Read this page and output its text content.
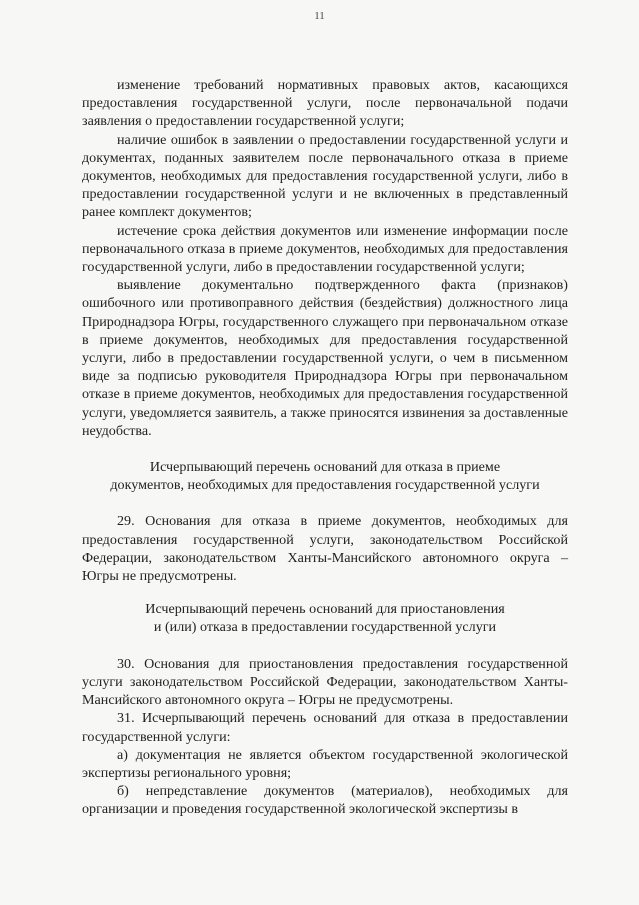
11

изменение требований нормативных правовых актов, касающихся предоставления государственной услуги, после первоначальной подачи заявления о предоставлении государственной услуги;

наличие ошибок в заявлении о предоставлении государственной услуги и документах, поданных заявителем после первоначального отказа в приеме документов, необходимых для предоставления государственной услуги, либо в предоставлении государственной услуги и не включенных в представленный ранее комплект документов;

истечение срока действия документов или изменение информации после первоначального отказа в приеме документов, необходимых для предоставления государственной услуги, либо в предоставлении государственной услуги;

выявление документально подтвержденного факта (признаков) ошибочного или противоправного действия (бездействия) должностного лица Природнадзора Югры, государственного служащего при первоначальном отказе в приеме документов, необходимых для предоставления государственной услуги, либо в предоставлении государственной услуги, о чем в письменном виде за подписью руководителя Природнадзора Югры при первоначальном отказе в приеме документов, необходимых для предоставления государственной услуги, уведомляется заявитель, а также приносятся извинения за доставленные неудобства.

Исчерпывающий перечень оснований для отказа в приеме

документов, необходимых для предоставления государственной услуги

29. Основания для отказа в приеме документов, необходимых для предоставления государственной услуги, законодательством Российской Федерации, законодательством Ханты-Мансийского автономного округа – Югры не предусмотрены.

Исчерпывающий перечень оснований для приостановления

и (или) отказа в предоставлении государственной услуги

30. Основания для приостановления предоставления государственной услуги законодательством Российской Федерации, законодательством Ханты-Мансийского автономного округа – Югры не предусмотрены.

31. Исчерпывающий перечень оснований для отказа в предоставлении государственной услуги:

а) документация не является объектом государственной экологической экспертизы регионального уровня;

б) непредставление документов (материалов), необходимых для организации и проведения государственной экологической экспертизы в
